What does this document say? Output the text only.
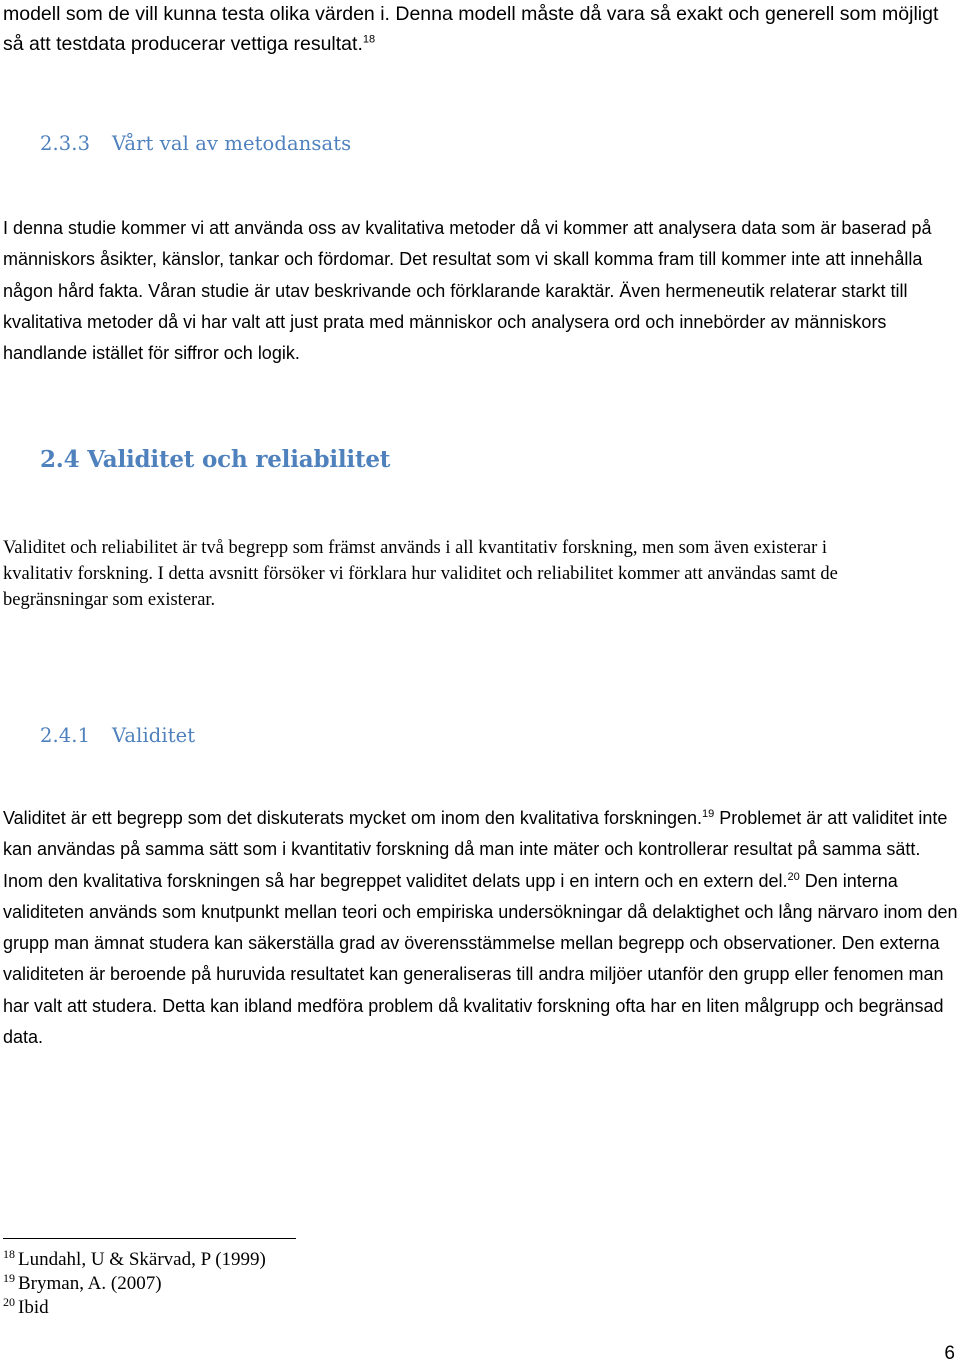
modell som de vill kunna testa olika värden i. Denna modell måste då vara så exakt och generell som möjligt så att testdata producerar vettiga resultat.$^{18}$

2.3.3 Vårt val av metodansats

I denna studie kommer vi att använda oss av kvalitativa metoder då vi kommer att analysera data som är baserad på människors åsikter, känslor, tankar och fördomar. Det resultat som vi skall komma fram till kommer inte att innehålla någon hård fakta. Våran studie är utav beskrivande och förklarande karaktär. Även hermeneutik relaterar starkt till kvalitativa metoder då vi har valt att just prata med människor och analysera ord och innebörder av människors handlande istället för siffror och logik.

2.4 Validitet och reliabilitet

Validitet och reliabilitet är två begrepp som främst används i all kvantitativ forskning, men som även existerar i kvalitativ forskning. I detta avsnitt försöker vi förklara hur validitet och reliabilitet kommer att användas samt de begränsningar som existerar.

2.4.1 Validitet

Validitet är ett begrepp som det diskuterats mycket om inom den kvalitativa forskningen.$^{19}$ Problemet är att validitet inte kan användas på samma sätt som i kvantitativ forskning då man inte mäter och kontrollerar resultat på samma sätt. Inom den kvalitativa forskningen så har begreppet validitet delats upp i en intern och en extern del.$^{20}$ Den interna validiteten används som knutpunkt mellan teori och empiriska undersökningar då delaktighet och lång närvaro inom den grupp man ämnat studera kan säkerställa grad av överensstämmelse mellan begrepp och observationer. Den externa validiteten är beroende på huruvida resultatet kan generaliseras till andra miljöer utanför den grupp eller fenomen man har valt att studera. Detta kan ibland medföra problem då kvalitativ forskning ofta har en liten målgrupp och begränsad data.

$^{18}$ Lundahl, U & Skärvad, P (1999)
$^{19}$ Bryman, A. (2007)
$^{20}$ Ibid
6
